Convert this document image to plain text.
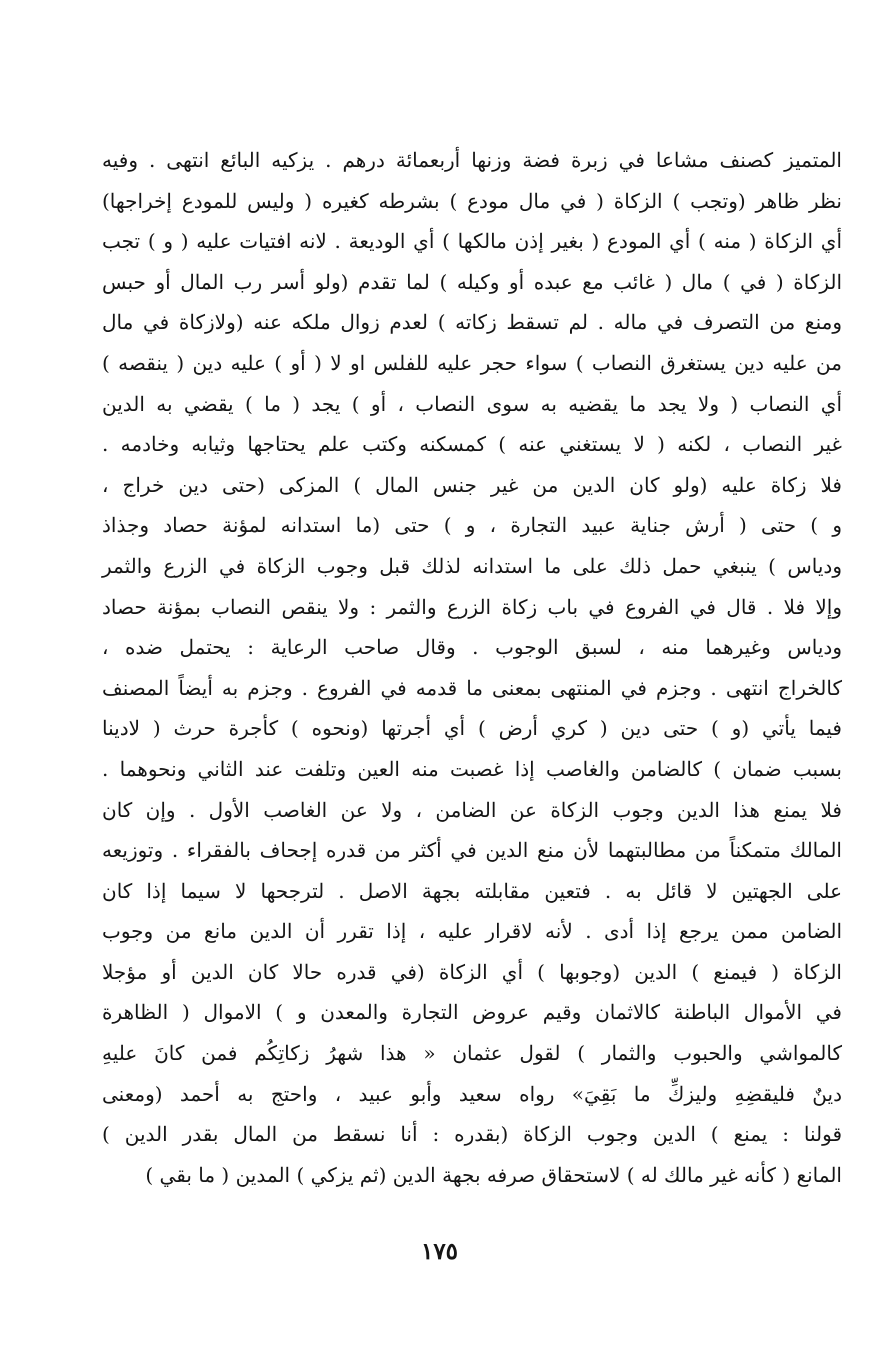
المتميز كصنف مشاعا في زبرة فضة وزنها أربعمائة درهم . يزكيه البائع انتهى . وفيه
نظر ظاهر (وتجب ) الزكاة ( في مال مودع ) بشرطه كغيره ( وليس للمودع إخراجها)
أي الزكاة ( منه ) أي المودع ( بغير إذن مالكها ) أي الوديعة . لانه افتيات عليه ( و ) تجب
الزكاة ( في ) مال ( غائب مع عبده أو وكيله ) لما تقدم (ولو أسر رب المال أو حبس
ومنع من التصرف في ماله . لم تسقط زكاته ) لعدم زوال ملكه عنه (ولازكاة في مال
من عليه دين يستغرق النصاب ) سواء حجر عليه للفلس او لا ( أو ) عليه دين ( ينقصه )
أي النصاب ( ولا يجد ما يقضيه به سوى النصاب ، أو ) يجد ( ما ) يقضي به الدين
غير النصاب ، لكنه ( لا يستغني عنه ) كمسكنه وكتب علم يحتاجها وثيابه وخادمه .
فلا زكاة عليه (ولو كان الدين من غير جنس المال ) المزكى (حتى دين خراج ،
و ) حتى ( أرش جناية عبيد التجارة ، و ) حتى (ما استدانه لمؤنة حصاد وجذاذ
ودياس ) ينبغي حمل ذلك على ما استدانه لذلك قبل وجوب الزكاة في الزرع والثمر
وإلا فلا . قال في الفروع في باب زكاة الزرع والثمر : ولا ينقص النصاب بمؤنة حصاد
ودياس وغيرهما منه ، لسبق الوجوب . وقال صاحب الرعاية : يحتمل ضده ،
كالخراج انتهى . وجزم في المنتهى بمعنى ما قدمه في الفروع . وجزم به أيضاً المصنف
فيما يأتي (و ) حتى دين ( كري أرض ) أي أجرتها (ونحوه ) كأجرة حرث ( لادينا
بسبب ضمان ) كالضامن والغاصب إذا غصبت منه العين وتلفت عند الثاني ونحوهما .
فلا يمنع هذا الدين وجوب الزكاة عن الضامن ، ولا عن الغاصب الأول . وإن كان
المالك متمكناً من مطالبتهما لأن منع الدين في أكثر من قدره إجحاف بالفقراء . وتوزيعه
على الجهتين لا قائل به . فتعين مقابلته بجهة الاصل . لترجحها لا سيما إذا كان
الضامن ممن يرجع إذا أدى . لأنه لاقرار عليه ، إذا تقرر أن الدين مانع من وجوب
الزكاة ( فيمنع ) الدين (وجوبها ) أي الزكاة (في قدره حالا كان الدين أو مؤجلا
في الأموال الباطنة كالاثمان وقيم عروض التجارة والمعدن و ) الاموال ( الظاهرة
كالمواشي والحبوب والثمار ) لقول عثمان « هذا شهرُ زكاتِكُم فمن كانَ عليهِ
دينٌ فليقضِهِ وليزكِّ ما بَقِيَ» رواه سعيد وأبو عبيد ، واحتج به أحمد (ومعنى
قولنا : يمنع ) الدين وجوب الزكاة (بقدره : أنا نسقط من المال بقدر الدين )
المانع ( كأنه غير مالك له ) لاستحقاق صرفه بجهة الدين (ثم يزكي ) المدين ( ما بقي )
١٧٥
